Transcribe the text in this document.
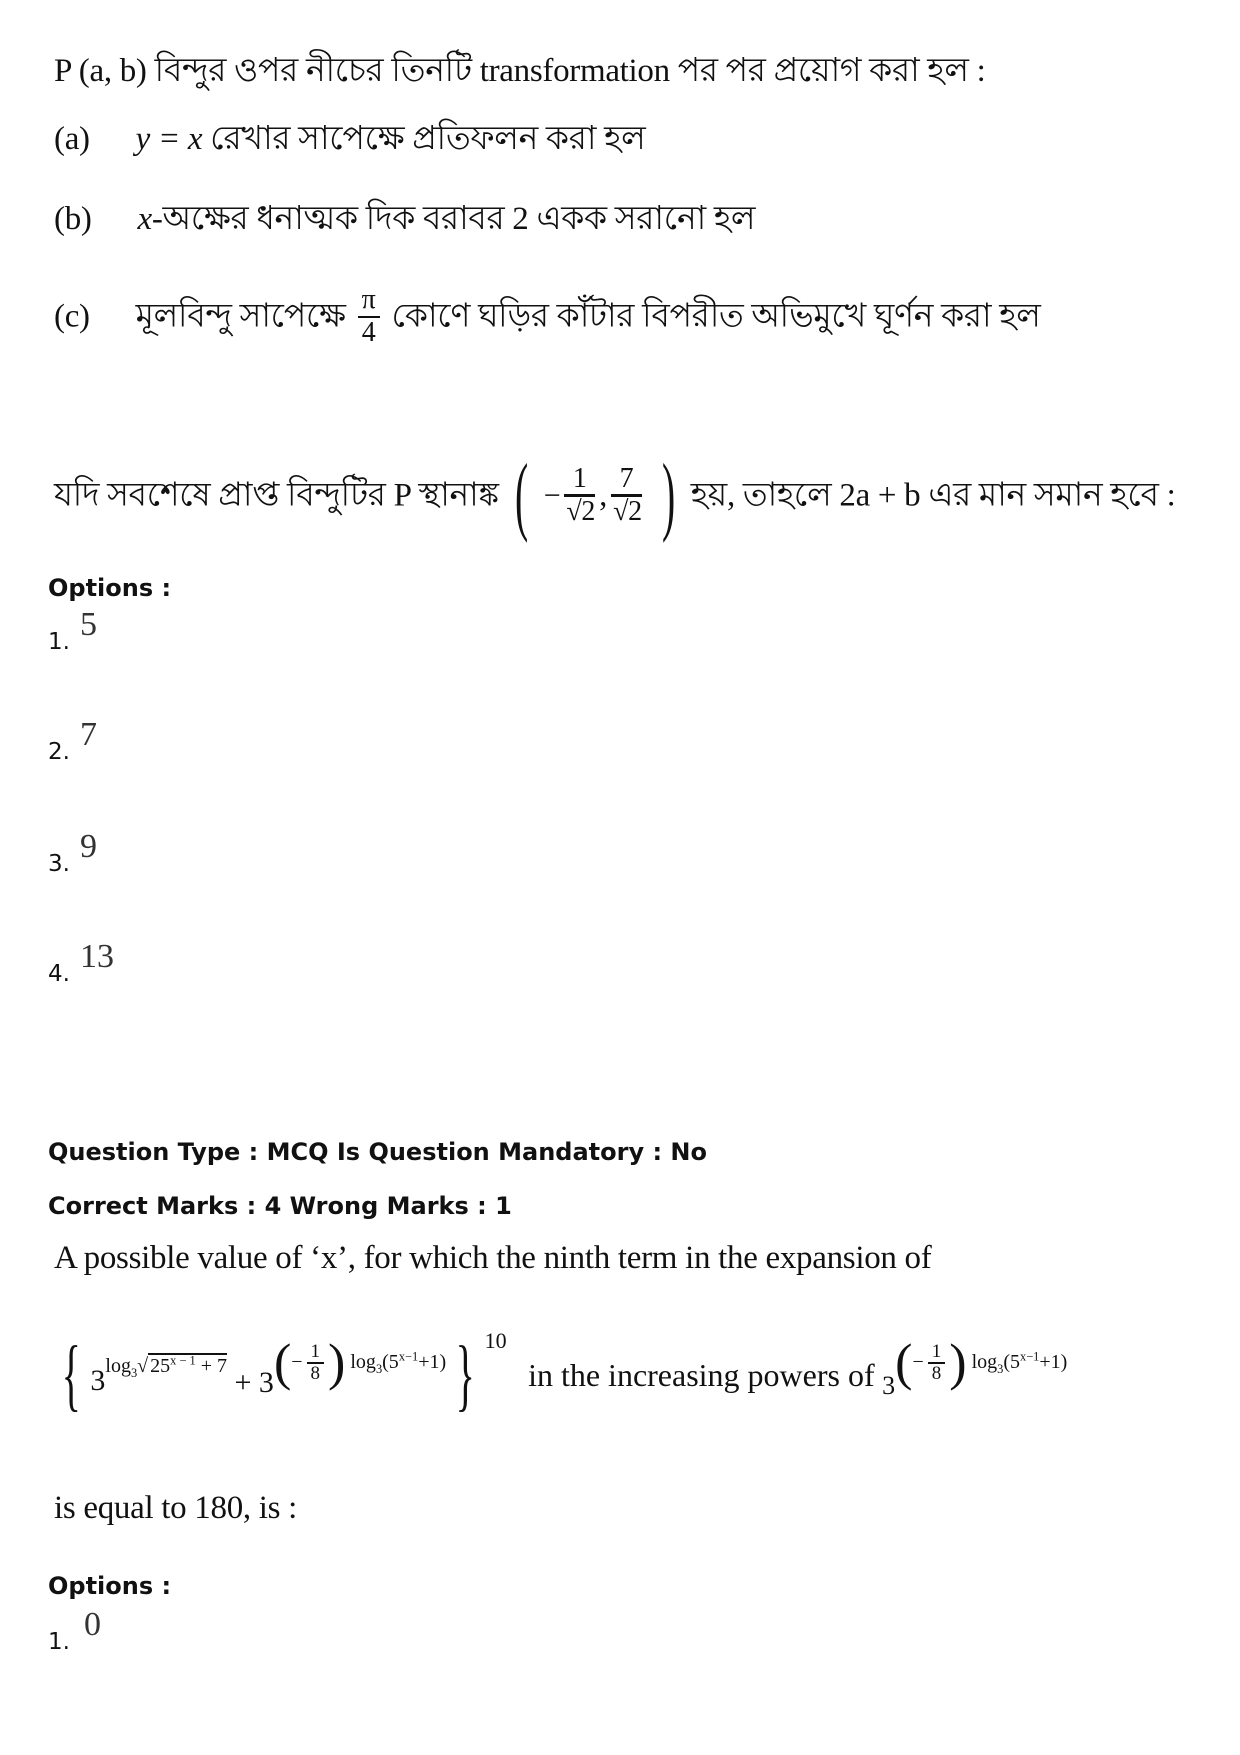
P (a, b) বিন্দুর ওপর নীচের তিনটি transformation পর পর প্রয়োগ করা হল :
(a) y = x রেখার সাপেক্ষে প্রতিফলন করা হল
(b) x-অক্ষের ধনাত্মক দিক বরাবর 2 একক সরানো হল
(c) মূলবিন্দু সাপেক্ষে $\frac{\pi}{4}$ কোণে ঘড়ির কাঁটার বিপরীত অভিমুখে ঘূর্ণন করা হল
যদি সবশেষে প্রাপ্ত বিন্দুটির P স্থানাঙ্ক ( − $\frac{1}{√2}$ , $\frac{7}{√2}$ ) হয়, তাহলে 2a + b এর মান সমান হবে :
Options :
1. 5
2. 7
3. 9
4. 13
Question Type : MCQ Is Question Mandatory : No
Correct Marks : 4 Wrong Marks : 1
A possible value of ‘x’, for which the ninth term in the expansion of
{ $3^{log_3√ 25^{x - 1} + 7} + 3^{(- \frac{1}{8} ) log_3(5^{x-1}+1)}$ } $^{10}$ in the increasing powers of $3^{(- \frac{1}{8} ) log_3(5^{x-1}+1)}$
is equal to 180, is :
Options :
1. 0
